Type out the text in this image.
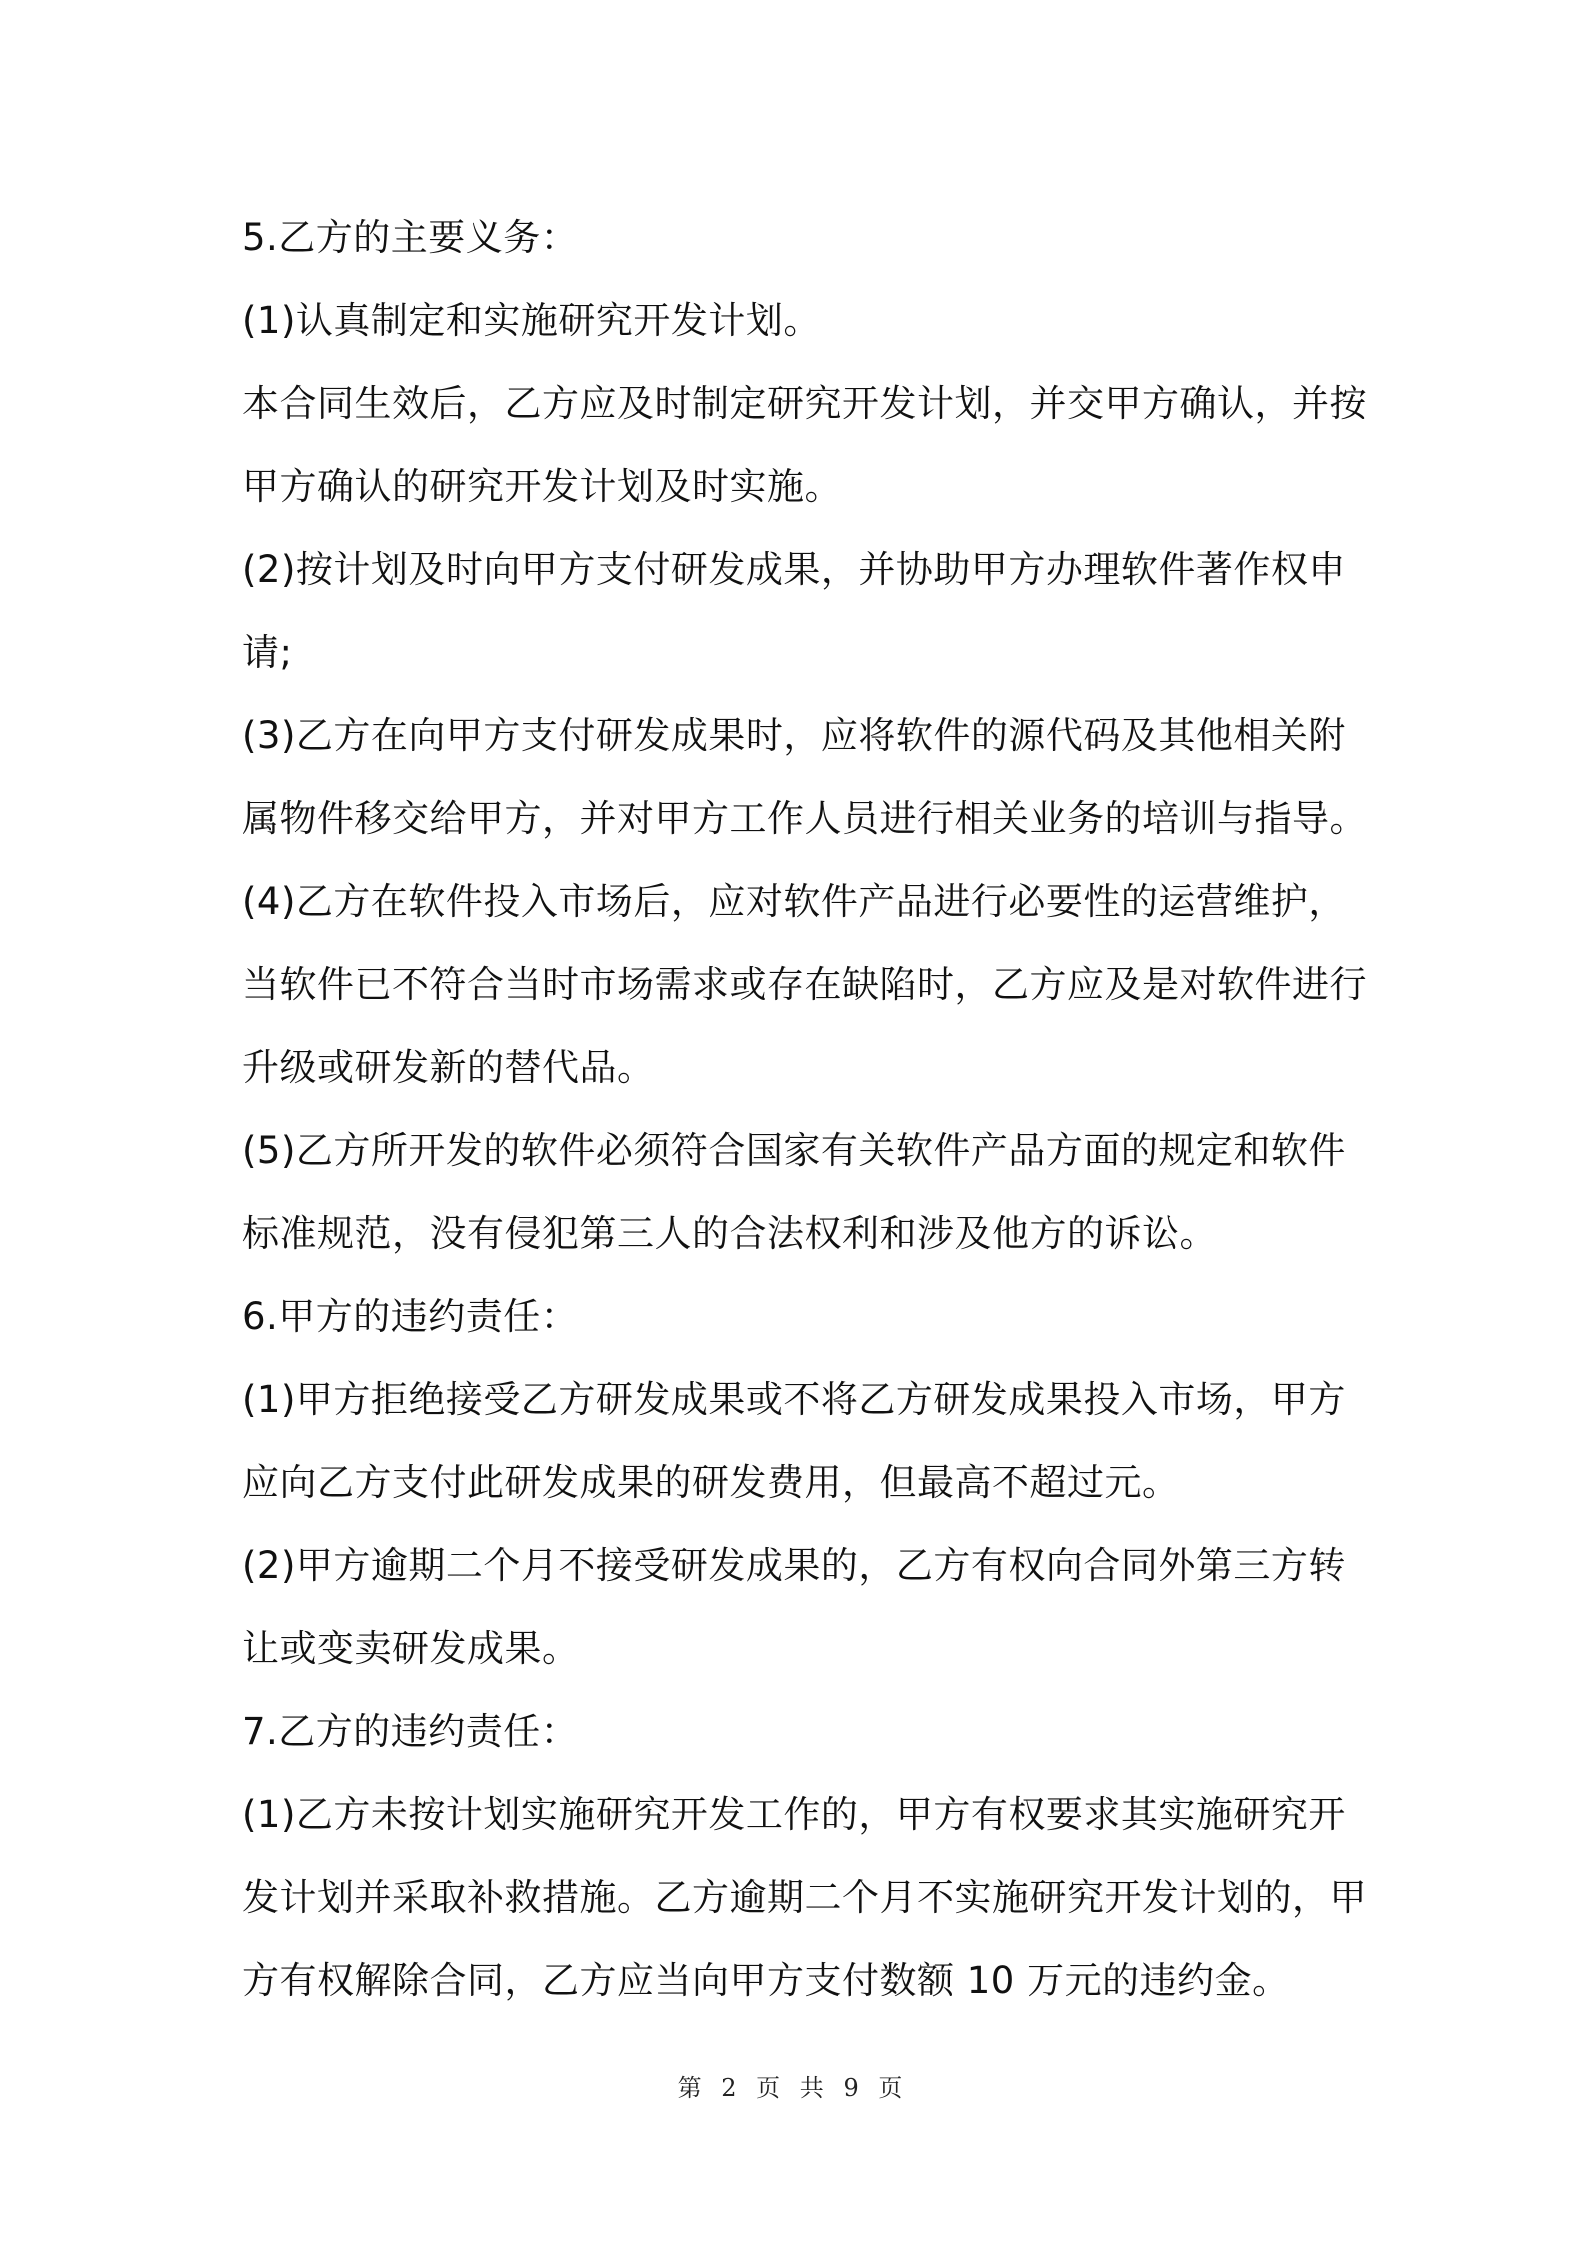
5.乙方的主要义务：
(1)认真制定和实施研究开发计划。
本合同生效后，乙方应及时制定研究开发计划，并交甲方确认，并按
甲方确认的研究开发计划及时实施。
(2)按计划及时向甲方支付研发成果，并协助甲方办理软件著作权申
请;
(3)乙方在向甲方支付研发成果时，应将软件的源代码及其他相关附
属物件移交给甲方，并对甲方工作人员进行相关业务的培训与指导。
(4)乙方在软件投入市场后，应对软件产品进行必要性的运营维护，
当软件已不符合当时市场需求或存在缺陷时，乙方应及是对软件进行
升级或研发新的替代品。
(5)乙方所开发的软件必须符合国家有关软件产品方面的规定和软件
标准规范，没有侵犯第三人的合法权利和涉及他方的诉讼。
6.甲方的违约责任：
(1)甲方拒绝接受乙方研发成果或不将乙方研发成果投入市场，甲方
应向乙方支付此研发成果的研发费用，但最高不超过元。
(2)甲方逾期二个月不接受研发成果的，乙方有权向合同外第三方转
让或变卖研发成果。
7.乙方的违约责任：
(1)乙方未按计划实施研究开发工作的，甲方有权要求其实施研究开
发计划并采取补救措施。乙方逾期二个月不实施研究开发计划的，甲
方有权解除合同，乙方应当向甲方支付数额 10 万元的违约金。
第 2 页 共 9 页
